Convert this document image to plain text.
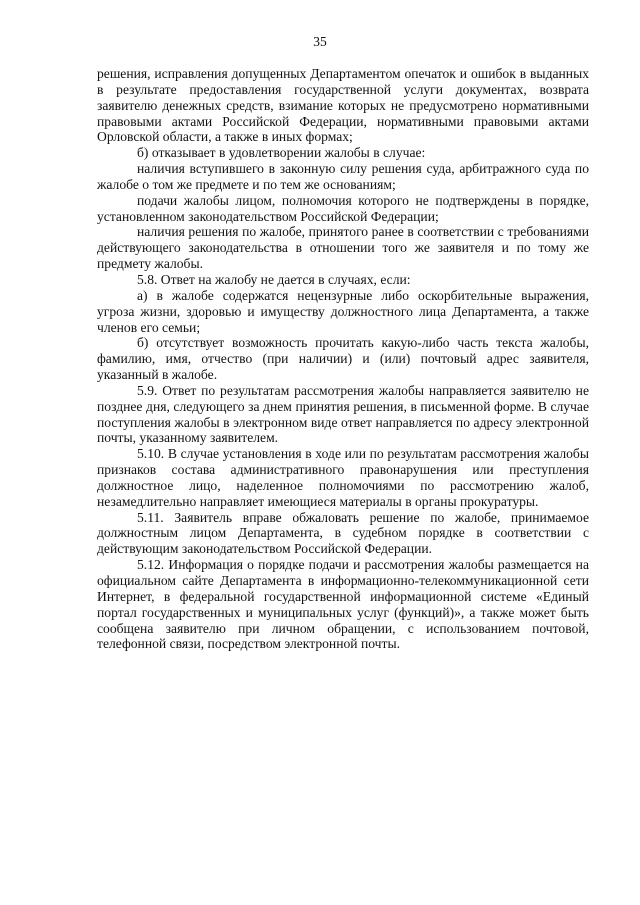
35

решения, исправления допущенных Департаментом опечаток и ошибок в выданных в результате предоставления государственной услуги документах, возврата заявителю денежных средств, взимание которых не предусмотрено нормативными правовыми актами Российской Федерации, нормативными правовыми актами Орловской области, а также в иных формах;

б) отказывает в удовлетворении жалобы в случае:

наличия вступившего в законную силу решения суда, арбитражного суда по жалобе о том же предмете и по тем же основаниям;

подачи жалобы лицом, полномочия которого не подтверждены в порядке, установленном законодательством Российской Федерации;

наличия решения по жалобе, принятого ранее в соответствии с требованиями действующего законодательства в отношении того же заявителя и по тому же предмету жалобы.

5.8. Ответ на жалобу не дается в случаях, если:

а) в жалобе содержатся нецензурные либо оскорбительные выражения, угроза жизни, здоровью и имуществу должностного лица Департамента, а также членов его семьи;

б) отсутствует возможность прочитать какую-либо часть текста жалобы, фамилию, имя, отчество (при наличии) и (или) почтовый адрес заявителя, указанный в жалобе.

5.9. Ответ по результатам рассмотрения жалобы направляется заявителю не позднее дня, следующего за днем принятия решения, в письменной форме. В случае поступления жалобы в электронном виде ответ направляется по адресу электронной почты, указанному заявителем.

5.10. В случае установления в ходе или по результатам рассмотрения жалобы признаков состава административного правонарушения или преступления должностное лицо, наделенное полномочиями по рассмотрению жалоб, незамедлительно направляет имеющиеся материалы в органы прокуратуры.

5.11. Заявитель вправе обжаловать решение по жалобе, принимаемое должностным лицом Департамента, в судебном порядке в соответствии с действующим законодательством Российской Федерации.

5.12. Информация о порядке подачи и рассмотрения жалобы размещается на официальном сайте Департамента в информационно-телекоммуникационной сети Интернет, в федеральной государственной информационной системе «Единый портал государственных и муниципальных услуг (функций)», а также может быть сообщена заявителю при личном обращении, с использованием почтовой, телефонной связи, посредством электронной почты.
